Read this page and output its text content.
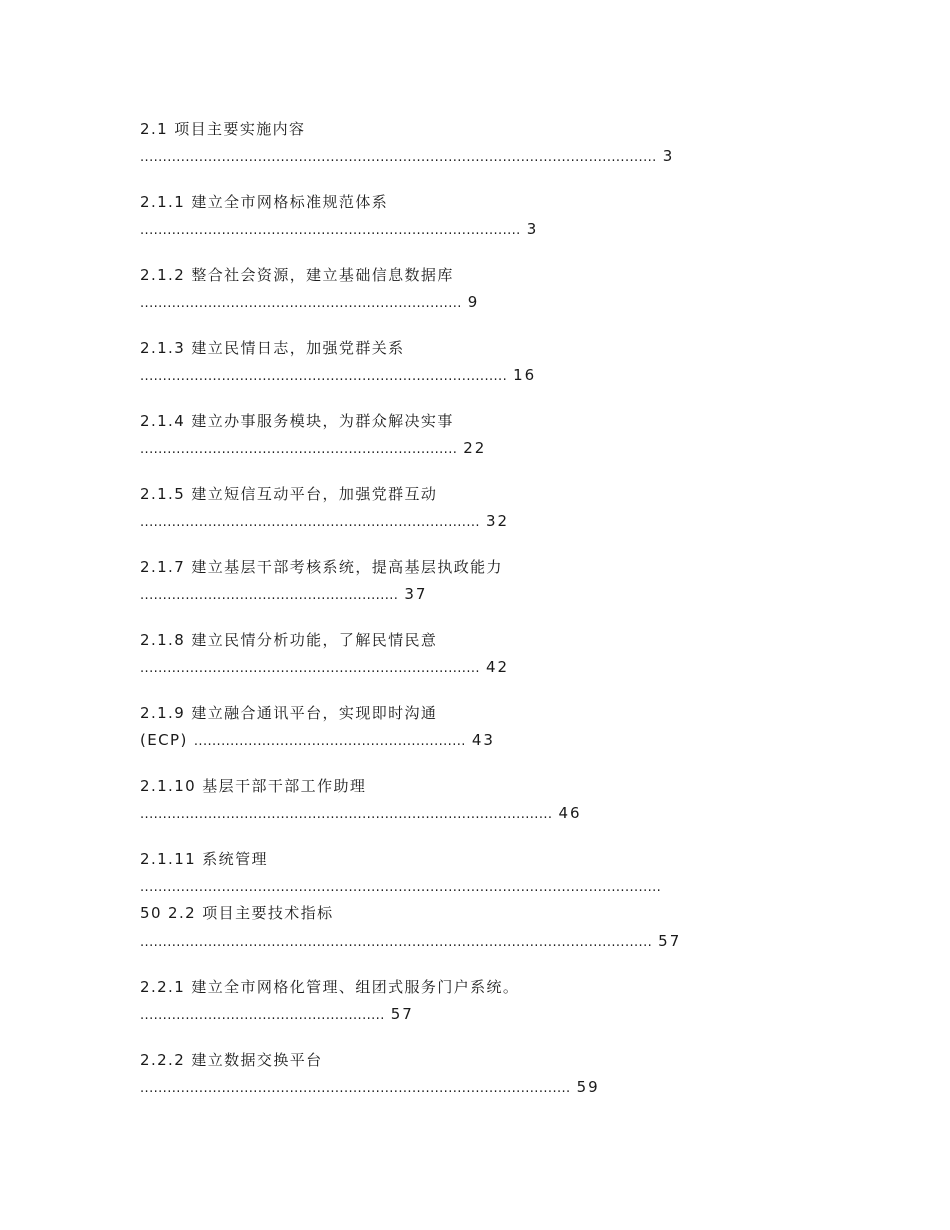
2.1 项目主要实施内容
.................................................................................................................. 3
2.1.1 建立全市网格标准规范体系
.................................................................................... 3
2.1.2 整合社会资源，建立基础信息数据库
....................................................................... 9
2.1.3 建立民情日志，加强党群关系
................................................................................. 16
2.1.4 建立办事服务模块，为群众解决实事
...................................................................... 22
2.1.5 建立短信互动平台，加强党群互动
........................................................................... 32
2.1.7 建立基层干部考核系统，提高基层执政能力
......................................................... 37
2.1.8 建立民情分析功能，了解民情民意
........................................................................... 42
2.1.9 建立融合通讯平台，实现即时沟通
(ECP) ............................................................ 43
2.1.10 基层干部干部工作助理
........................................................................................... 46
2.1.11 系统管理
...................................................................................................................
50 2.2 项目主要技术指标
................................................................................................................. 57
2.2.1 建立全市网格化管理、组团式服务门户系统。
...................................................... 57
2.2.2 建立数据交换平台
............................................................................................... 59
